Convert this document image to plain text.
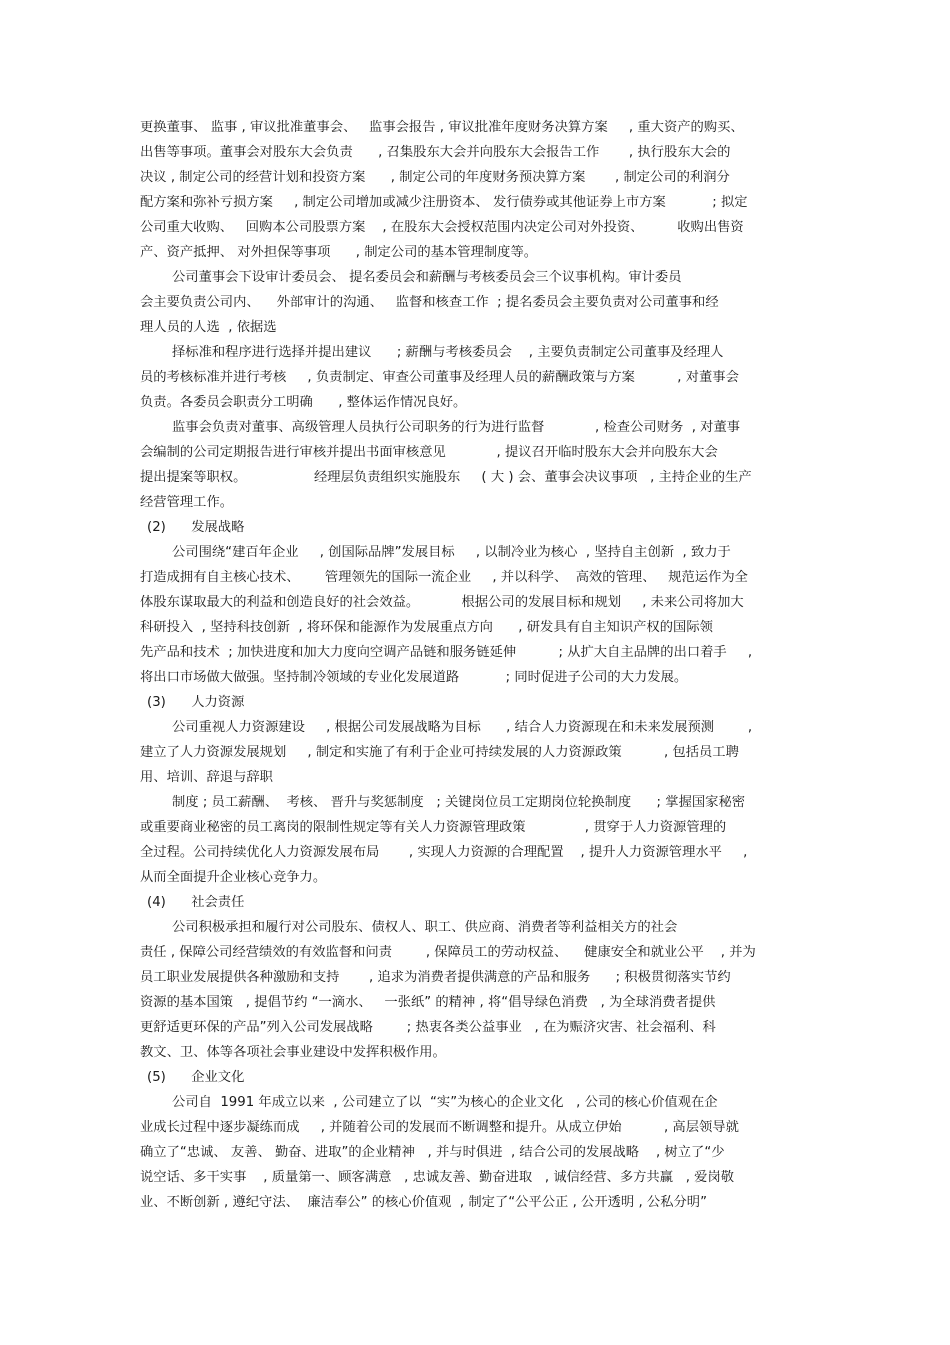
更换董事、 监事 , 审议批准董事会、   监事会报告 , 审议批准年度财务决算方案     , 重大资产的购买、
出售等事项。董事会对股东大会负责      , 召集股东大会并向股东大会报告工作       , 执行股东大会的
决议 , 制定公司的经营计划和投资方案      , 制定公司的年度财务预决算方案       , 制定公司的利润分
配方案和弥补亏损方案     , 制定公司增加或减少注册资本、 发行债券或其他证券上市方案           ; 拟定
公司重大收购、   回购本公司股票方案    , 在股东大会授权范围内决定公司对外投资、        收购出售资
产、资产抵押、 对外担保等事项      , 制定公司的基本管理制度等。
公司董事会下设审计委员会、 提名委员会和薪酬与考核委员会三个议事机构。审计委员
会主要负责公司内、    外部审计的沟通、   监督和核查工作  ; 提名委员会主要负责对公司董事和经
理人员的人选  , 依据选
择标准和程序进行选择并提出建议      ; 薪酬与考核委员会    , 主要负责制定公司董事及经理人
员的考核标准并进行考核     , 负责制定、审查公司董事及经理人员的薪酬政策与方案          , 对董事会
负责。各委员会职责分工明确      , 整体运作情况良好。
监事会负责对董事、高级管理人员执行公司职务的行为进行监督            , 检查公司财务  , 对董事
会编制的公司定期报告进行审核并提出书面审核意见            , 提议召开临时股东大会并向股东大会
提出提案等职权。                经理层负责组织实施股东     ( 大 ) 会、董事会决议事项   , 主持企业的生产
经营管理工作。
(2)      发展战略
公司围绕“建百年企业     , 创国际品牌”发展目标     , 以制冷业为核心  , 坚持自主创新  , 致力于
打造成拥有自主核心技术、      管理领先的国际一流企业     , 并以科学、  高效的管理、   规范运作为全
体股东谋取最大的利益和创造良好的社会效益。          根据公司的发展目标和规划     , 未来公司将加大
科研投入  , 坚持科技创新  , 将环保和能源作为发展重点方向      , 研发具有自主知识产权的国际领
先产品和技术  ; 加快进度和加大力度向空调产品链和服务链延伸          ; 从扩大自主品牌的出口着手     ,
将出口市场做大做强。坚持制冷领域的专业化发展道路           ; 同时促进子公司的大力发展。
(3)      人力资源
公司重视人力资源建设     , 根据公司发展战略为目标      , 结合人力资源现在和未来发展预测        ,
建立了人力资源发展规划     , 制定和实施了有利于企业可持续发展的人力资源政策          , 包括员工聘
用、培训、辞退与辞职
制度 ; 员工薪酬、  考核、 晋升与奖惩制度   ; 关键岗位员工定期岗位轮换制度      ; 掌握国家秘密
或重要商业秘密的员工离岗的限制性规定等有关人力资源管理政策              , 贯穿于人力资源管理的
全过程。公司持续优化人力资源发展布局       , 实现人力资源的合理配置    , 提升人力资源管理水平     ,
从而全面提升企业核心竞争力。
(4)      社会责任
公司积极承担和履行对公司股东、债权人、职工、供应商、消费者等利益相关方的社会
责任 , 保障公司经营绩效的有效监督和问责        , 保障员工的劳动权益、    健康安全和就业公平    , 并为
员工职业发展提供各种激励和支持       , 追求为消费者提供满意的产品和服务      ; 积极贯彻落实节约
资源的基本国策   , 提倡节约 “一滴水、   一张纸” 的精神 , 将“倡导绿色消费   , 为全球消费者提供
更舒适更环保的产品”列入公司发展战略        ; 热衷各类公益事业   , 在为赈济灾害、社会福利、科
教文、卫、体等各项社会事业建设中发挥积极作用。
(5)      企业文化
公司自  1991 年成立以来  , 公司建立了以  “实”为核心的企业文化   , 公司的核心价值观在企
业成长过程中逐步凝练而成     , 并随着公司的发展而不断调整和提升。从成立伊始          , 高层领导就
确立了“忠诚、 友善、 勤奋、进取”的企业精神   , 并与时俱进  , 结合公司的发展战略    , 树立了“少
说空话、多干实事    , 质量第一、顾客满意   , 忠诚友善、勤奋进取   , 诚信经营、多方共赢   , 爱岗敬
业、不断创新 , 遵纪守法、  廉洁奉公” 的核心价值观  , 制定了“公平公正 , 公开透明 , 公私分明”
